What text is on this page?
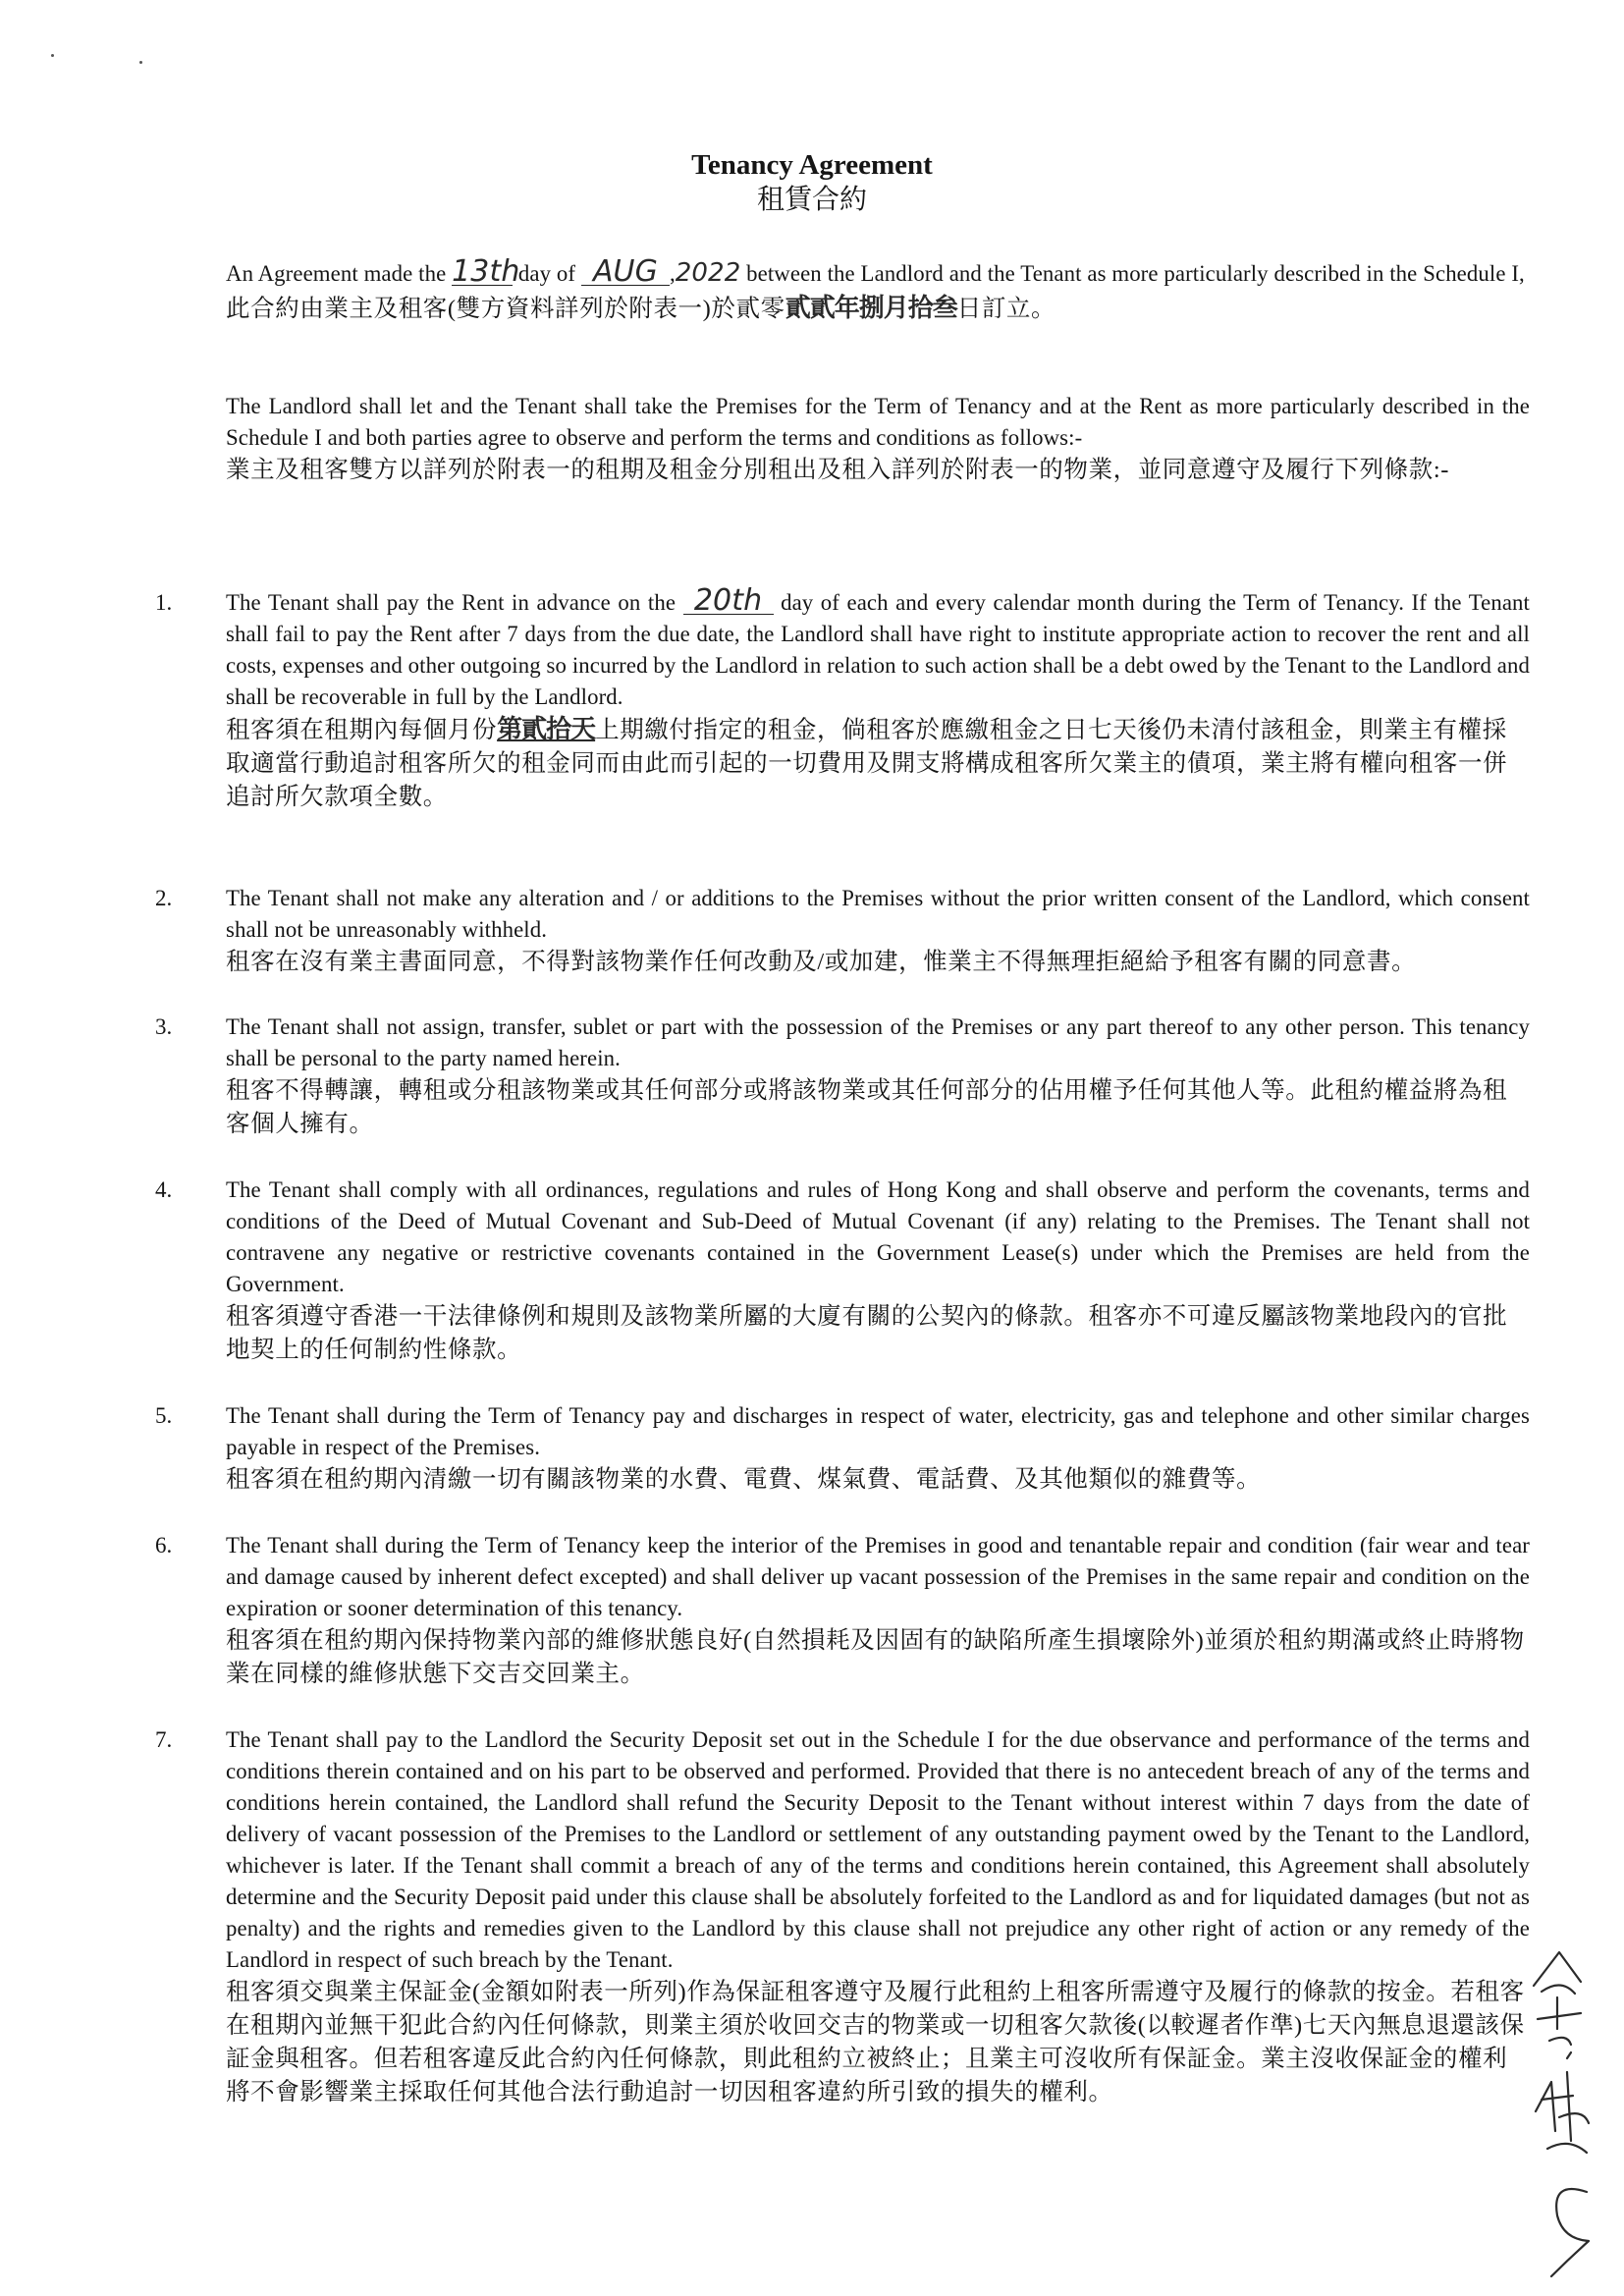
Tenancy Agreement
租賃合約
An Agreement made the 13th day of AUG ,2022 between the Landlord and the Tenant as more particularly described in the Schedule I,
此合約由業主及租客(雙方資料詳列於附表一)於貳零貳貳年捌月拾叁日訂立。
The Landlord shall let and the Tenant shall take the Premises for the Term of Tenancy and at the Rent as more particularly described in the Schedule I and both parties agree to observe and perform the terms and conditions as follows:-
業主及租客雙方以詳列於附表一的租期及租金分別租出及租入詳列於附表一的物業，並同意遵守及履行下列條款:-
1. The Tenant shall pay the Rent in advance on the 20th day of each and every calendar month during the Term of Tenancy. If the Tenant shall fail to pay the Rent after 7 days from the due date, the Landlord shall have right to institute appropriate action to recover the rent and all costs, expenses and other outgoing so incurred by the Landlord in relation to such action shall be a debt owed by the Tenant to the Landlord and shall be recoverable in full by the Landlord.
租客須在租期內每個月份第貳拾天上期繳付指定的租金，倘租客於應繳租金之日七天後仍未清付該租金，則業主有權採取適當行動追討租客所欠的租金同而由此而引起的一切費用及開支將構成租客所欠業主的債項，業主將有權向租客一併追討所欠款項全數。
2. The Tenant shall not make any alteration and / or additions to the Premises without the prior written consent of the Landlord, which consent shall not be unreasonably withheld.
租客在沒有業主書面同意，不得對該物業作任何改動及/或加建，惟業主不得無理拒絕給予租客有關的同意書。
3. The Tenant shall not assign, transfer, sublet or part with the possession of the Premises or any part thereof to any other person. This tenancy shall be personal to the party named herein.
租客不得轉讓，轉租或分租該物業或其任何部分或將該物業或其任何部分的佔用權予任何其他人等。此租約權益將為租客個人擁有。
4. The Tenant shall comply with all ordinances, regulations and rules of Hong Kong and shall observe and perform the covenants, terms and conditions of the Deed of Mutual Covenant and Sub-Deed of Mutual Covenant (if any) relating to the Premises. The Tenant shall not contravene any negative or restrictive covenants contained in the Government Lease(s) under which the Premises are held from the Government.
租客須遵守香港一干法律條例和規則及該物業所屬的大廈有關的公契內的條款。租客亦不可違反屬該物業地段內的官批地契上的任何制約性條款。
5. The Tenant shall during the Term of Tenancy pay and discharges in respect of water, electricity, gas and telephone and other similar charges payable in respect of the Premises.
租客須在租約期內清繳一切有關該物業的水費、電費、煤氣費、電話費、及其他類似的雜費等。
6. The Tenant shall during the Term of Tenancy keep the interior of the Premises in good and tenantable repair and condition (fair wear and tear and damage caused by inherent defect excepted) and shall deliver up vacant possession of the Premises in the same repair and condition on the expiration or sooner determination of this tenancy.
租客須在租約期內保持物業內部的維修狀態良好(自然損耗及因固有的缺陷所產生損壞除外)並須於租約期滿或終止時將物業在同樣的維修狀態下交吉交回業主。
7. The Tenant shall pay to the Landlord the Security Deposit set out in the Schedule I for the due observance and performance of the terms and conditions therein contained and on his part to be observed and performed. Provided that there is no antecedent breach of any of the terms and conditions herein contained, the Landlord shall refund the Security Deposit to the Tenant without interest within 7 days from the date of delivery of vacant possession of the Premises to the Landlord or settlement of any outstanding payment owed by the Tenant to the Landlord, whichever is later. If the Tenant shall commit a breach of any of the terms and conditions herein contained, this Agreement shall absolutely determine and the Security Deposit paid under this clause shall be absolutely forfeited to the Landlord as and for liquidated damages (but not as penalty) and the rights and remedies given to the Landlord by this clause shall not prejudice any other right of action or any remedy of the Landlord in respect of such breach by the Tenant.
租客須交與業主保証金(金額如附表一所列)作為保証租客遵守及履行此租約上租客所需遵守及履行的條款的按金。若租客在租期內並無干犯此合約內任何條款，則業主須於收回交吉的物業或一切租客欠款後(以較遲者作準)七天內無息退還該保証金與租客。但若租客違反此合約內任何條款，則此租約立被終止；且業主可沒收所有保証金。業主沒收保証金的權利將不會影響業主採取任何其他合法行動追討一切因租客違約所引致的損失的權利。
